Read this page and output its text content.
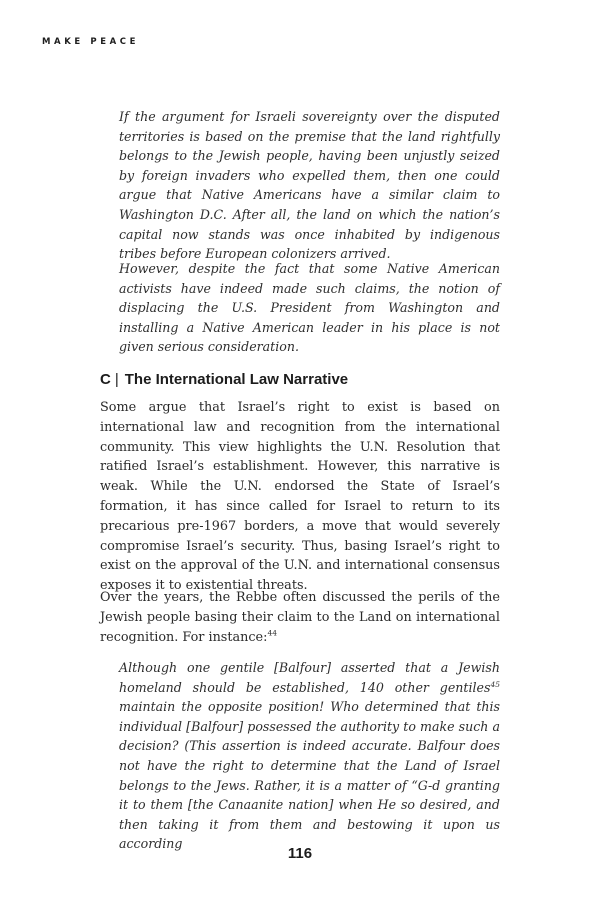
MAKE PEACE

If the argument for Israeli sovereignty over the disputed territories is based on the premise that the land rightfully belongs to the Jewish people, having been unjustly seized by foreign invaders who expelled them, then one could argue that Native Americans have a similar claim to Washington D.C. After all, the land on which the nation’s capital now stands was once inhabited by indigenous tribes before European colonizers arrived.

However, despite the fact that some Native American activists have indeed made such claims, the notion of displacing the U.S. President from Washington and installing a Native American leader in his place is not given serious consideration.

C | The International Law Narrative

Some argue that Israel’s right to exist is based on international law and recognition from the international community. This view highlights the U.N. Resolution that ratified Israel’s establishment. However, this narrative is weak. While the U.N. endorsed the State of Israel’s formation, it has since called for Israel to return to its precarious pre-1967 borders, a move that would severely compromise Israel’s security. Thus, basing Israel’s right to exist on the approval of the U.N. and international consensus exposes it to existential threats.

Over the years, the Rebbe often discussed the perils of the Jewish people basing their claim to the Land on international recognition. For instance:$^{44}$

Although one gentile [Balfour] asserted that a Jewish homeland should be established, 140 other gentiles$^{45}$ maintain the opposite position! Who determined that this individual [Balfour] possessed the authority to make such a decision? (This assertion is indeed accurate. Balfour does not have the right to determine that the Land of Israel belongs to the Jews. Rather, it is a matter of “G-d granting it to them [the Canaanite nation] when He so desired, and then taking it from them and bestowing it upon us according

116
